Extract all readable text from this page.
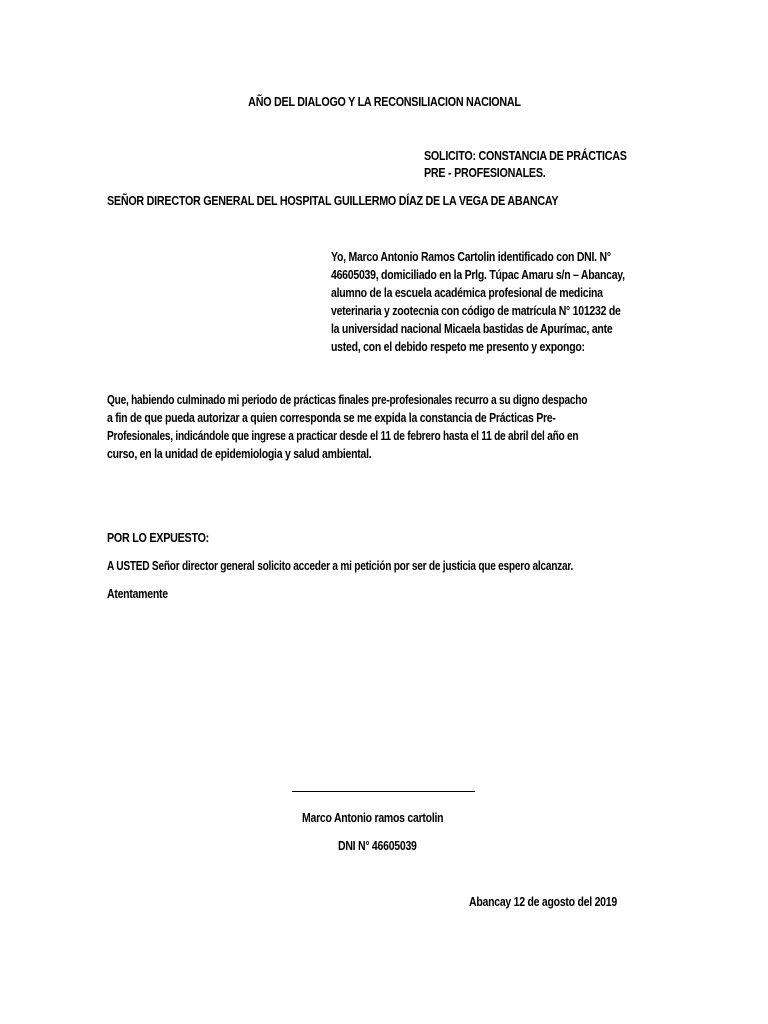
AÑO DEL DIALOGO Y LA RECONSILIACION NACIONAL
SOLICITO: CONSTANCIA DE PRÁCTICAS
PRE - PROFESIONALES.
SEÑOR DIRECTOR GENERAL DEL HOSPITAL GUILLERMO DÍAZ DE LA VEGA DE ABANCAY
Yo, Marco Antonio Ramos Cartolin identificado con DNI. N°
46605039, domiciliado en la Prlg. Túpac Amaru s/n – Abancay,
alumno de la escuela académica profesional de medicina
veterinaria y zootecnia con código de matrícula N° 101232 de
la universidad nacional Micaela bastidas de Apurímac, ante
usted, con el debido respeto me presento y expongo:
Que, habiendo culminado mi periodo de prácticas finales pre-profesionales recurro a su digno despacho
a fin de que pueda autorizar a quien corresponda se me expida la constancia de Prácticas Pre-
Profesionales, indicándole que ingrese a practicar desde el 11 de febrero hasta el 11 de abril del año en
curso, en la unidad de epidemiologia y salud ambiental.
POR LO EXPUESTO:
A USTED Señor director general solicito acceder a mi petición por ser de justicia que espero alcanzar.
Atentamente
Marco Antonio ramos cartolin
DNI N° 46605039
Abancay 12 de agosto del 2019
